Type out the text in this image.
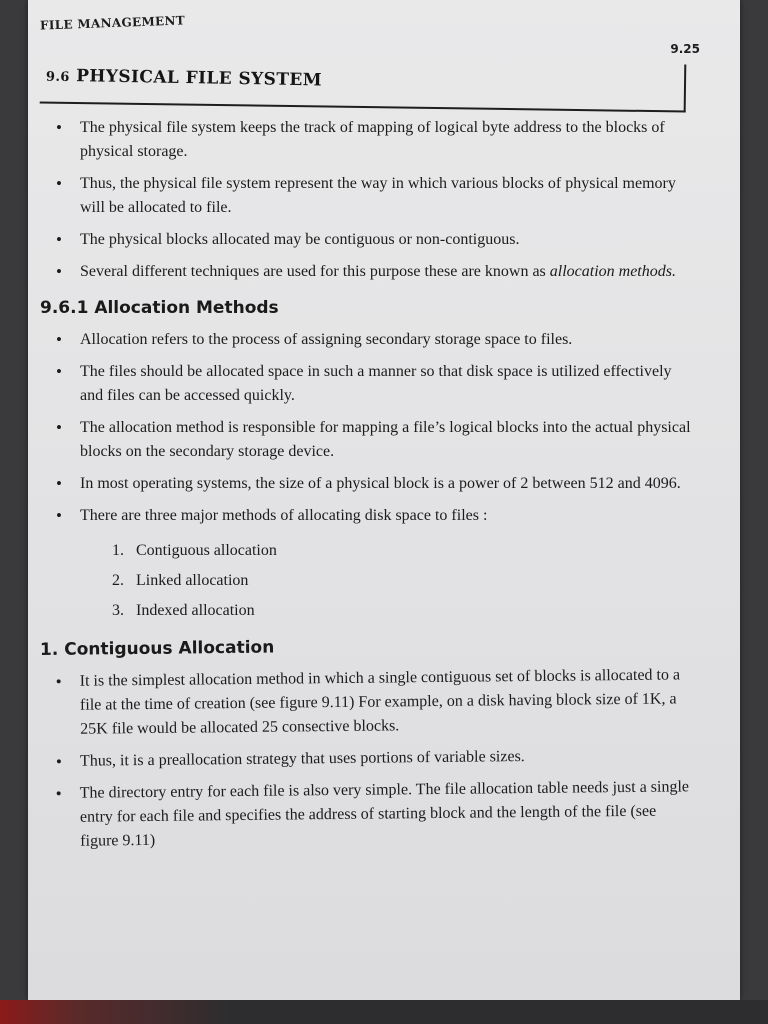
FILE MANAGEMENT
9.25
9.6 PHYSICAL FILE SYSTEM
• The physical file system keeps the track of mapping of logical byte address to the blocks of physical storage.
• Thus, the physical file system represent the way in which various blocks of physical memory will be allocated to file.
• The physical blocks allocated may be contiguous or non-contiguous.
• Several different techniques are used for this purpose these are known as allocation methods.
9.6.1 Allocation Methods
• Allocation refers to the process of assigning secondary storage space to files.
• The files should be allocated space in such a manner so that disk space is utilized effectively and files can be accessed quickly.
• The allocation method is responsible for mapping a file’s logical blocks into the actual physical blocks on the secondary storage device.
• In most operating systems, the size of a physical block is a power of 2 between 512 and 4096.
• There are three major methods of allocating disk space to files :
1. Contiguous allocation
2. Linked allocation
3. Indexed allocation
1. Contiguous Allocation
• It is the simplest allocation method in which a single contiguous set of blocks is allocated to a file at the time of creation (see figure 9.11) For example, on a disk having block size of 1K, a 25K file would be allocated 25 consective blocks.
• Thus, it is a preallocation strategy that uses portions of variable sizes.
• The directory entry for each file is also very simple. The file allocation table needs just a single entry for each file and specifies the address of starting block and the length of the file (see figure 9.11)
